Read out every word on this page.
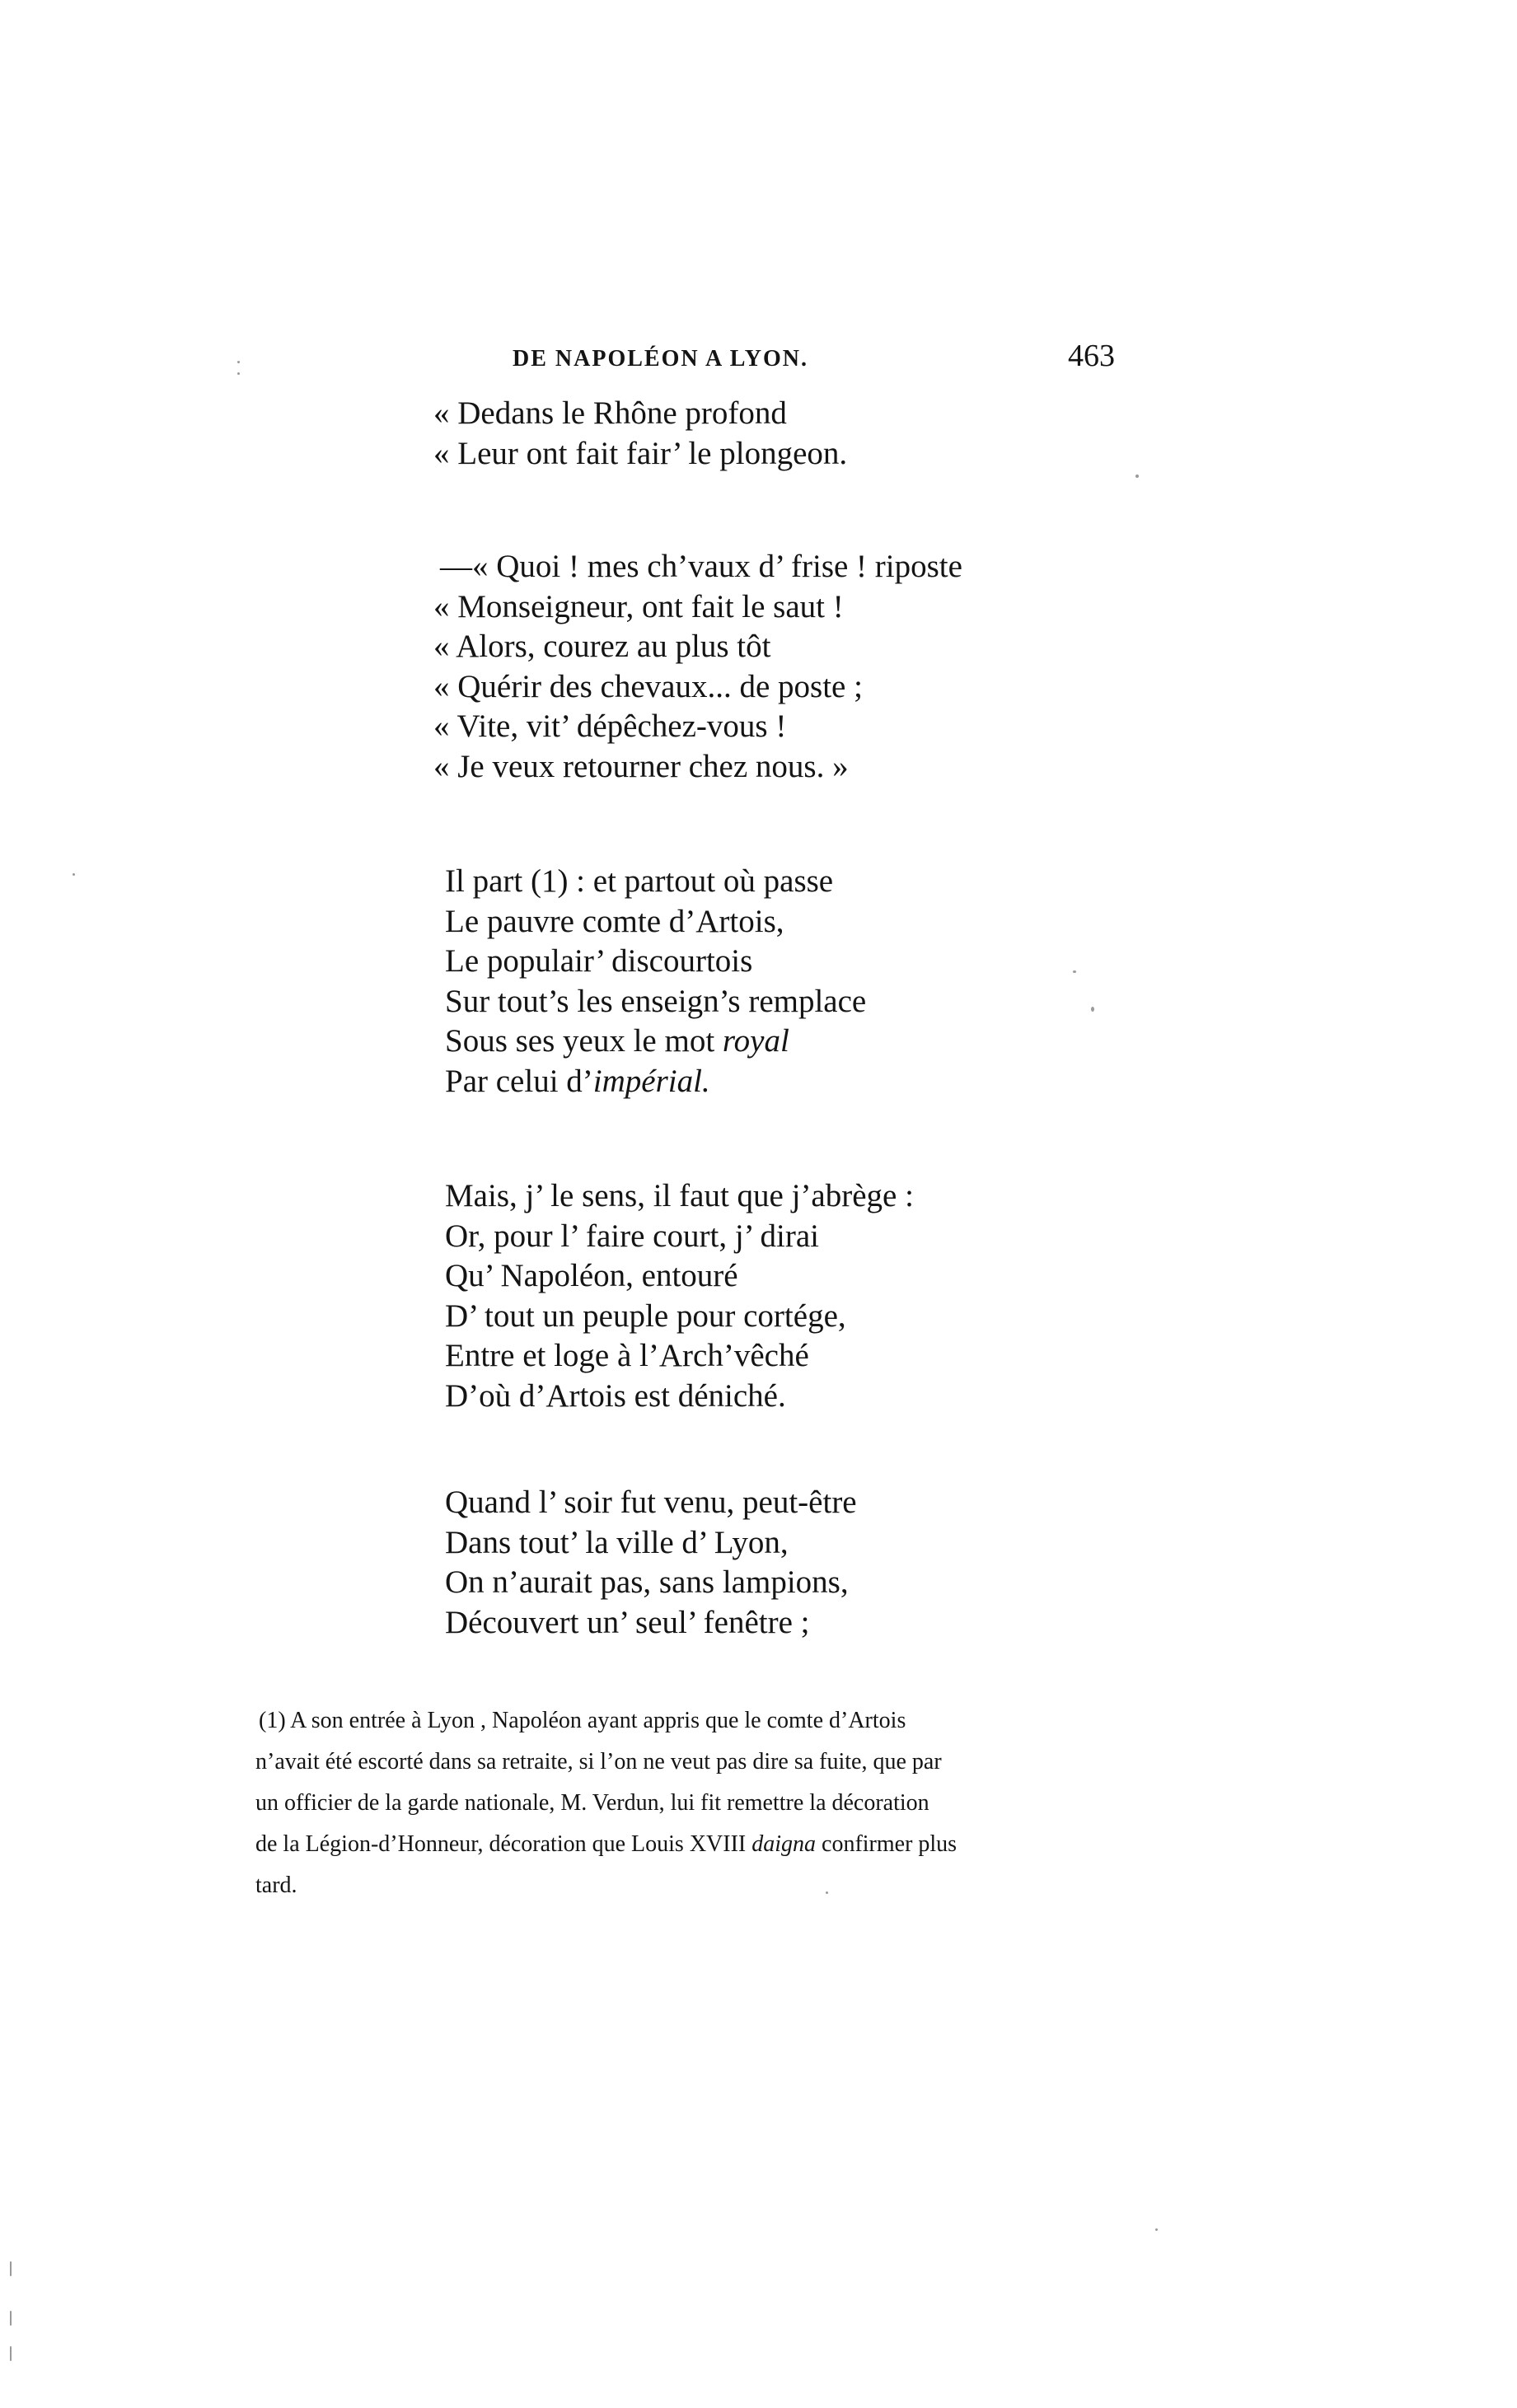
DE NAPOLÉON A LYON.	463
« Dedans le Rhône profond
« Leur ont fait fair’ le plongeon.
—« Quoi ! mes ch’vaux d’ frise ! riposte
« Monseigneur, ont fait le saut !
« Alors, courez au plus tôt
« Quérir des chevaux... de poste ;
« Vite, vit’ dépêchez-vous !
« Je veux retourner chez nous. »
Il part (1) : et partout où passe
Le pauvre comte d’Artois,
Le populair’ discourtois
Sur tout’s les enseign’s remplace
Sous ses yeux le mot royal
Par celui d’impérial.
Mais, j’ le sens, il faut que j’abrège :
Or, pour l’ faire court, j’ dirai
Qu’ Napoléon, entouré
D’ tout un peuple pour cortége,
Entre et loge à l’Arch’vêché
D’où d’Artois est déniché.
Quand l’ soir fut venu, peut-être
Dans tout’ la ville d’ Lyon,
On n’aurait pas, sans lampions,
Découvert un’ seul’ fenêtre ;
(1) A son entrée à Lyon , Napoléon ayant appris que le comte d’Artois
n’avait été escorté dans sa retraite, si l’on ne veut pas dire sa fuite, que par
un officier de la garde nationale, M. Verdun, lui fit remettre la décoration
de la Légion-d’Honneur, décoration que Louis XVIII daigna confirmer plus
tard.
